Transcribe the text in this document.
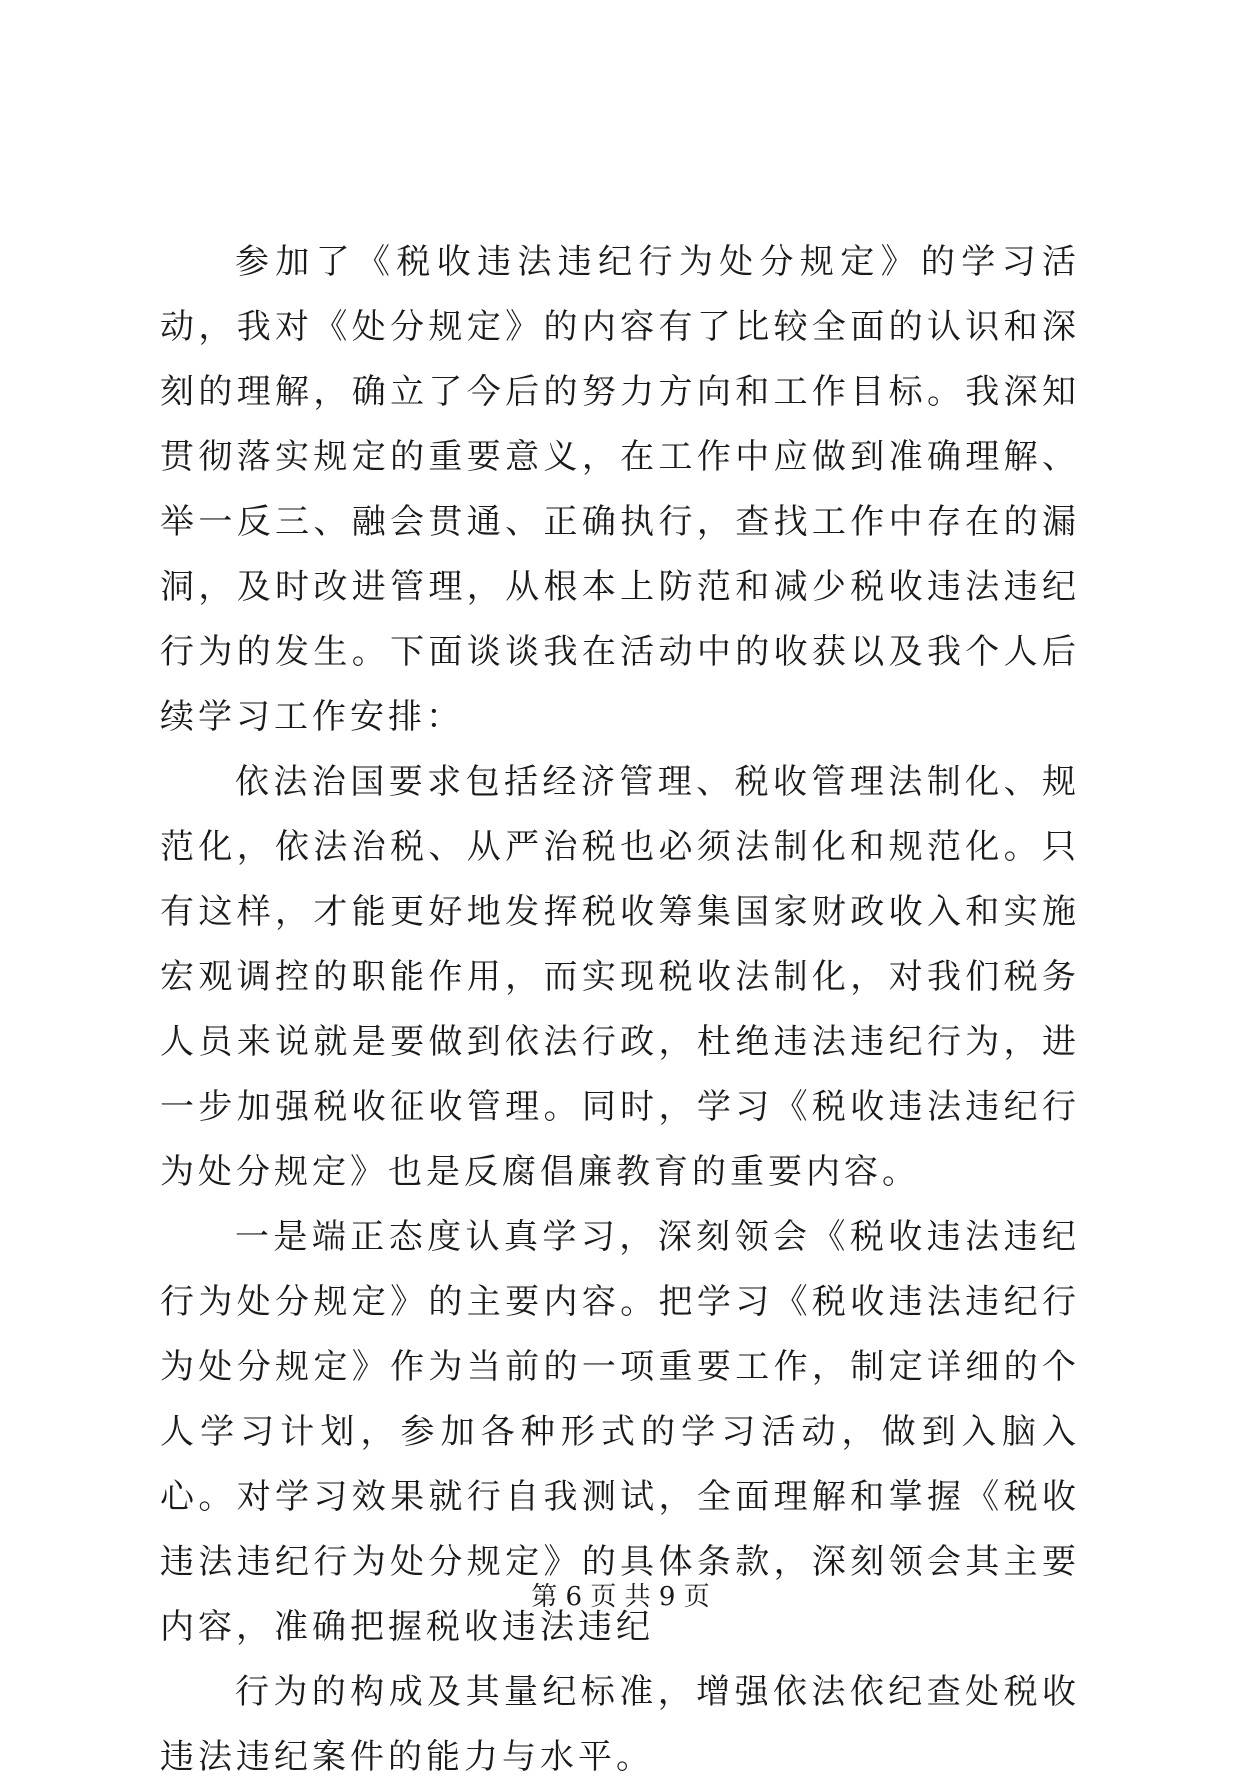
参加了《税收违法违纪行为处分规定》的学习活动，我对《处分规定》的内容有了比较全面的认识和深刻的理解，确立了今后的努力方向和工作目标。我深知贯彻落实规定的重要意义，在工作中应做到准确理解、举一反三、融会贯通、正确执行，查找工作中存在的漏洞，及时改进管理，从根本上防范和减少税收违法违纪行为的发生。下面谈谈我在活动中的收获以及我个人后续学习工作安排：

依法治国要求包括经济管理、税收管理法制化、规范化，依法治税、从严治税也必须法制化和规范化。只有这样，才能更好地发挥税收筹集国家财政收入和实施宏观调控的职能作用，而实现税收法制化，对我们税务人员来说就是要做到依法行政，杜绝违法违纪行为，进一步加强税收征收管理。同时，学习《税收违法违纪行为处分规定》也是反腐倡廉教育的重要内容。

一是端正态度认真学习，深刻领会《税收违法违纪行为处分规定》的主要内容。把学习《税收违法违纪行为处分规定》作为当前的一项重要工作，制定详细的个人学习计划，参加各种形式的学习活动，做到入脑入心。对学习效果就行自我测试，全面理解和掌握《税收违法违纪行为处分规定》的具体条款，深刻领会其主要内容，准确把握税收违法违纪

行为的构成及其量纪标准，增强依法依纪查处税收违法违纪案件的能力与水平。

第 6 页 共 9 页
